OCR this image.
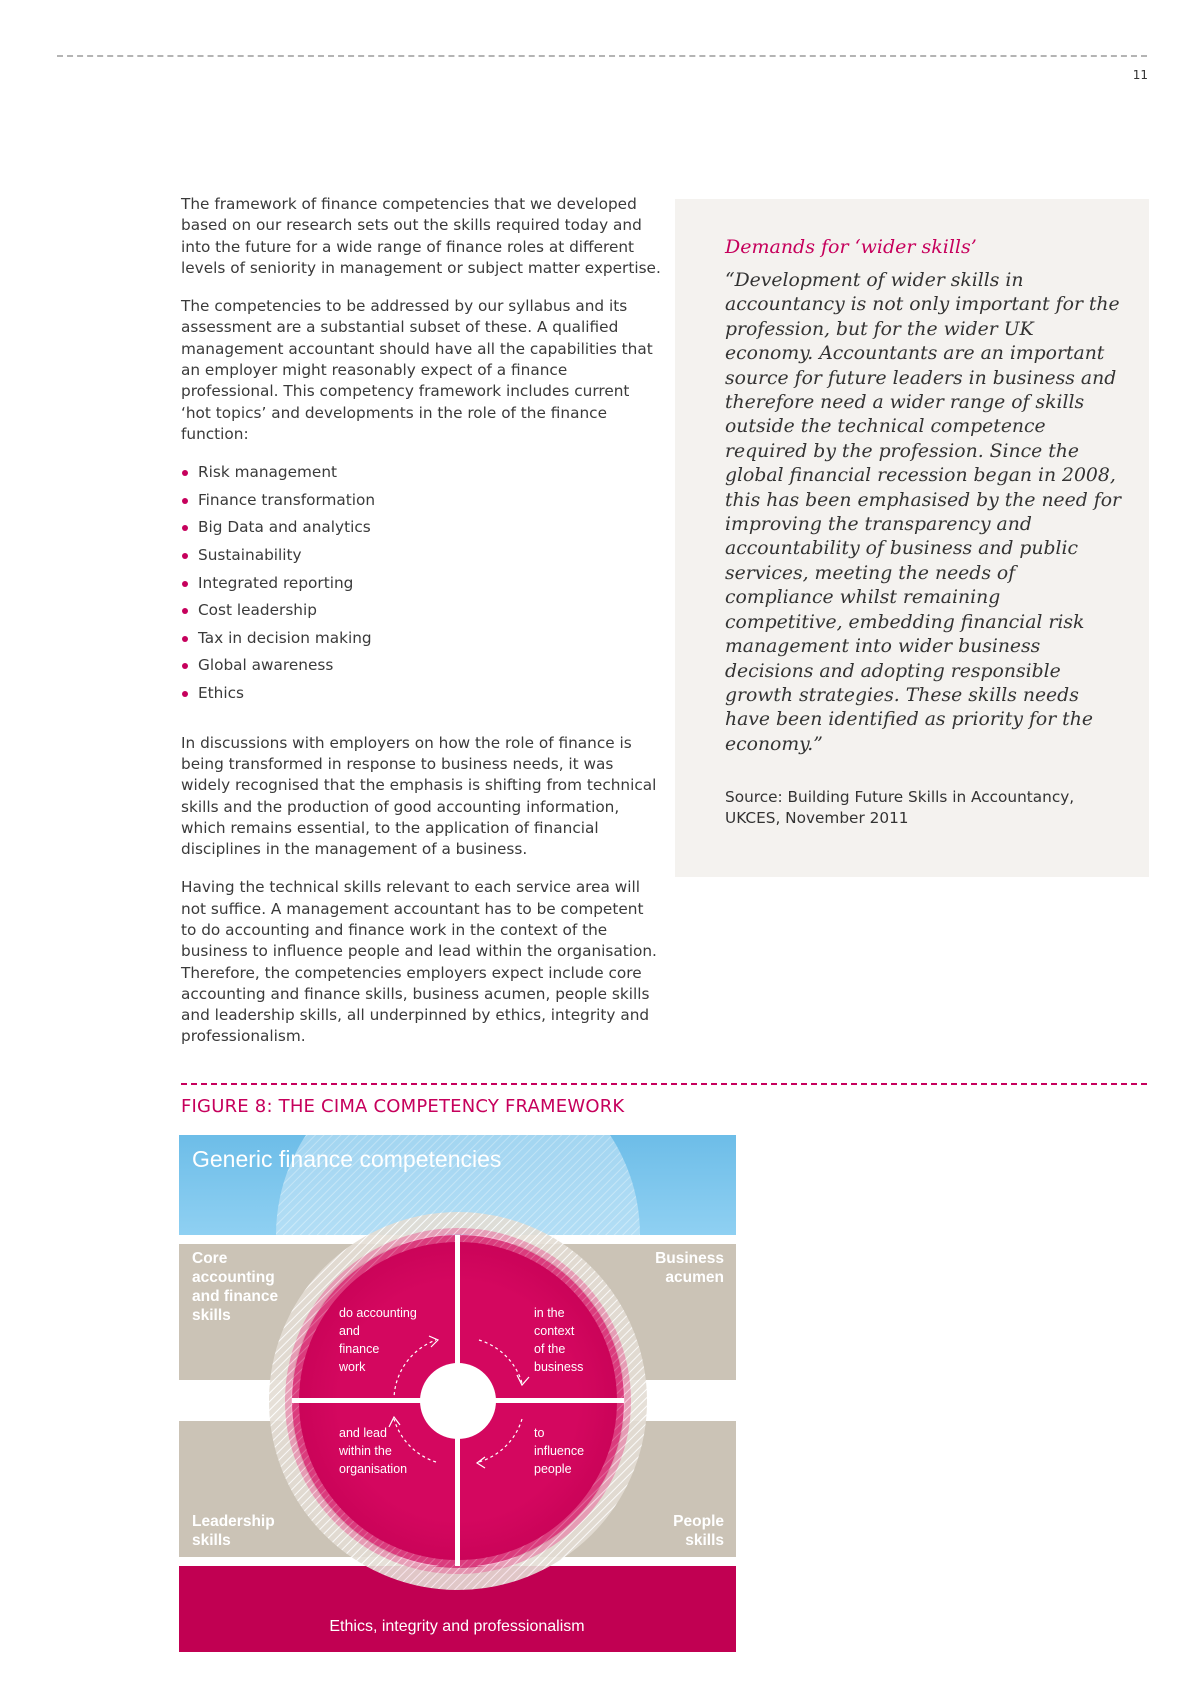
11

The framework of finance competencies that we developed based on our research sets out the skills required today and into the future for a wide range of finance roles at different levels of seniority in management or subject matter expertise.

The competencies to be addressed by our syllabus and its assessment are a substantial subset of these. A qualified management accountant should have all the capabilities that an employer might reasonably expect of a finance professional. This competency framework includes current ‘hot topics’ and developments in the role of the finance function:

Risk management
Finance transformation
Big Data and analytics
Sustainability
Integrated reporting
Cost leadership
Tax in decision making
Global awareness
Ethics

In discussions with employers on how the role of finance is being transformed in response to business needs, it was widely recognised that the emphasis is shifting from technical skills and the production of good accounting information, which remains essential, to the application of financial disciplines in the management of a business.

Having the technical skills relevant to each service area will not suffice. A management accountant has to be competent to do accounting and finance work in the context of the business to influence people and lead within the organisation. Therefore, the competencies employers expect include core accounting and finance skills, business acumen, people skills and leadership skills, all underpinned by ethics, integrity and professionalism.

Demands for ‘wider skills’

“Development of wider skills in accountancy is not only important for the profession, but for the wider UK economy. Accountants are an important source for future leaders in business and therefore need a wider range of skills outside the technical competence required by the profession. Since the global financial recession began in 2008, this has been emphasised by the need for improving the transparency and accountability of business and public services, meeting the needs of compliance whilst remaining competitive, embedding financial risk management into wider business decisions and adopting responsible growth strategies. These skills needs have been identified as priority for the economy.”

Source: Building Future Skills in Accountancy, UKCES, November 2011

FIGURE 8: THE CIMA COMPETENCY FRAMEWORK
Generic finance competencies
Core
accounting
and finance
skills
Business
acumen
Leadership
skills
People
skills
do accounting
and
finance
work
in the
context
of the
business
and lead
within the
organisation
to
influence
people
Ethics, integrity and professionalism
